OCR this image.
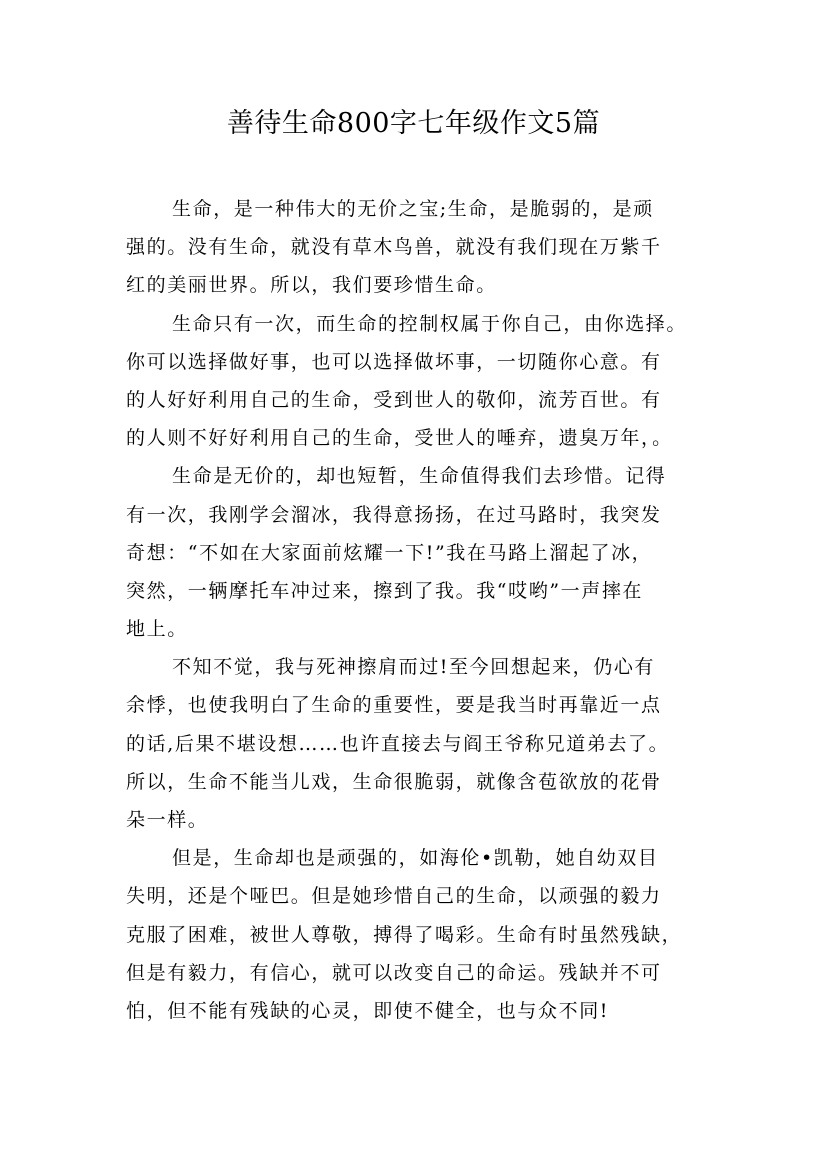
善待生命800字七年级作文5篇
生命，是一种伟大的无价之宝;生命，是脆弱的，是顽
强的。没有生命，就没有草木鸟兽，就没有我们现在万紫千
红的美丽世界。所以，我们要珍惜生命。
生命只有一次，而生命的控制权属于你自己，由你选择。
你可以选择做好事，也可以选择做坏事，一切随你心意。有
的人好好利用自己的生命，受到世人的敬仰，流芳百世。有
的人则不好好利用自己的生命，受世人的唾弃，遗臭万年，。
生命是无价的，却也短暂，生命值得我们去珍惜。记得
有一次，我刚学会溜冰，我得意扬扬，在过马路时，我突发
奇想：“不如在大家面前炫耀一下!”我在马路上溜起了冰，
突然，一辆摩托车冲过来，擦到了我。我“哎哟”一声摔在
地上。
不知不觉，我与死神擦肩而过!至今回想起来，仍心有
余悸，也使我明白了生命的重要性，要是我当时再靠近一点
的话,后果不堪设想……也许直接去与阎王爷称兄道弟去了。
所以，生命不能当儿戏，生命很脆弱，就像含苞欲放的花骨
朵一样。
但是，生命却也是顽强的，如海伦•凯勒，她自幼双目
失明，还是个哑巴。但是她珍惜自己的生命，以顽强的毅力
克服了困难，被世人尊敬，搏得了喝彩。生命有时虽然残缺，
但是有毅力，有信心，就可以改变自己的命运。残缺并不可
怕，但不能有残缺的心灵，即使不健全，也与众不同!
